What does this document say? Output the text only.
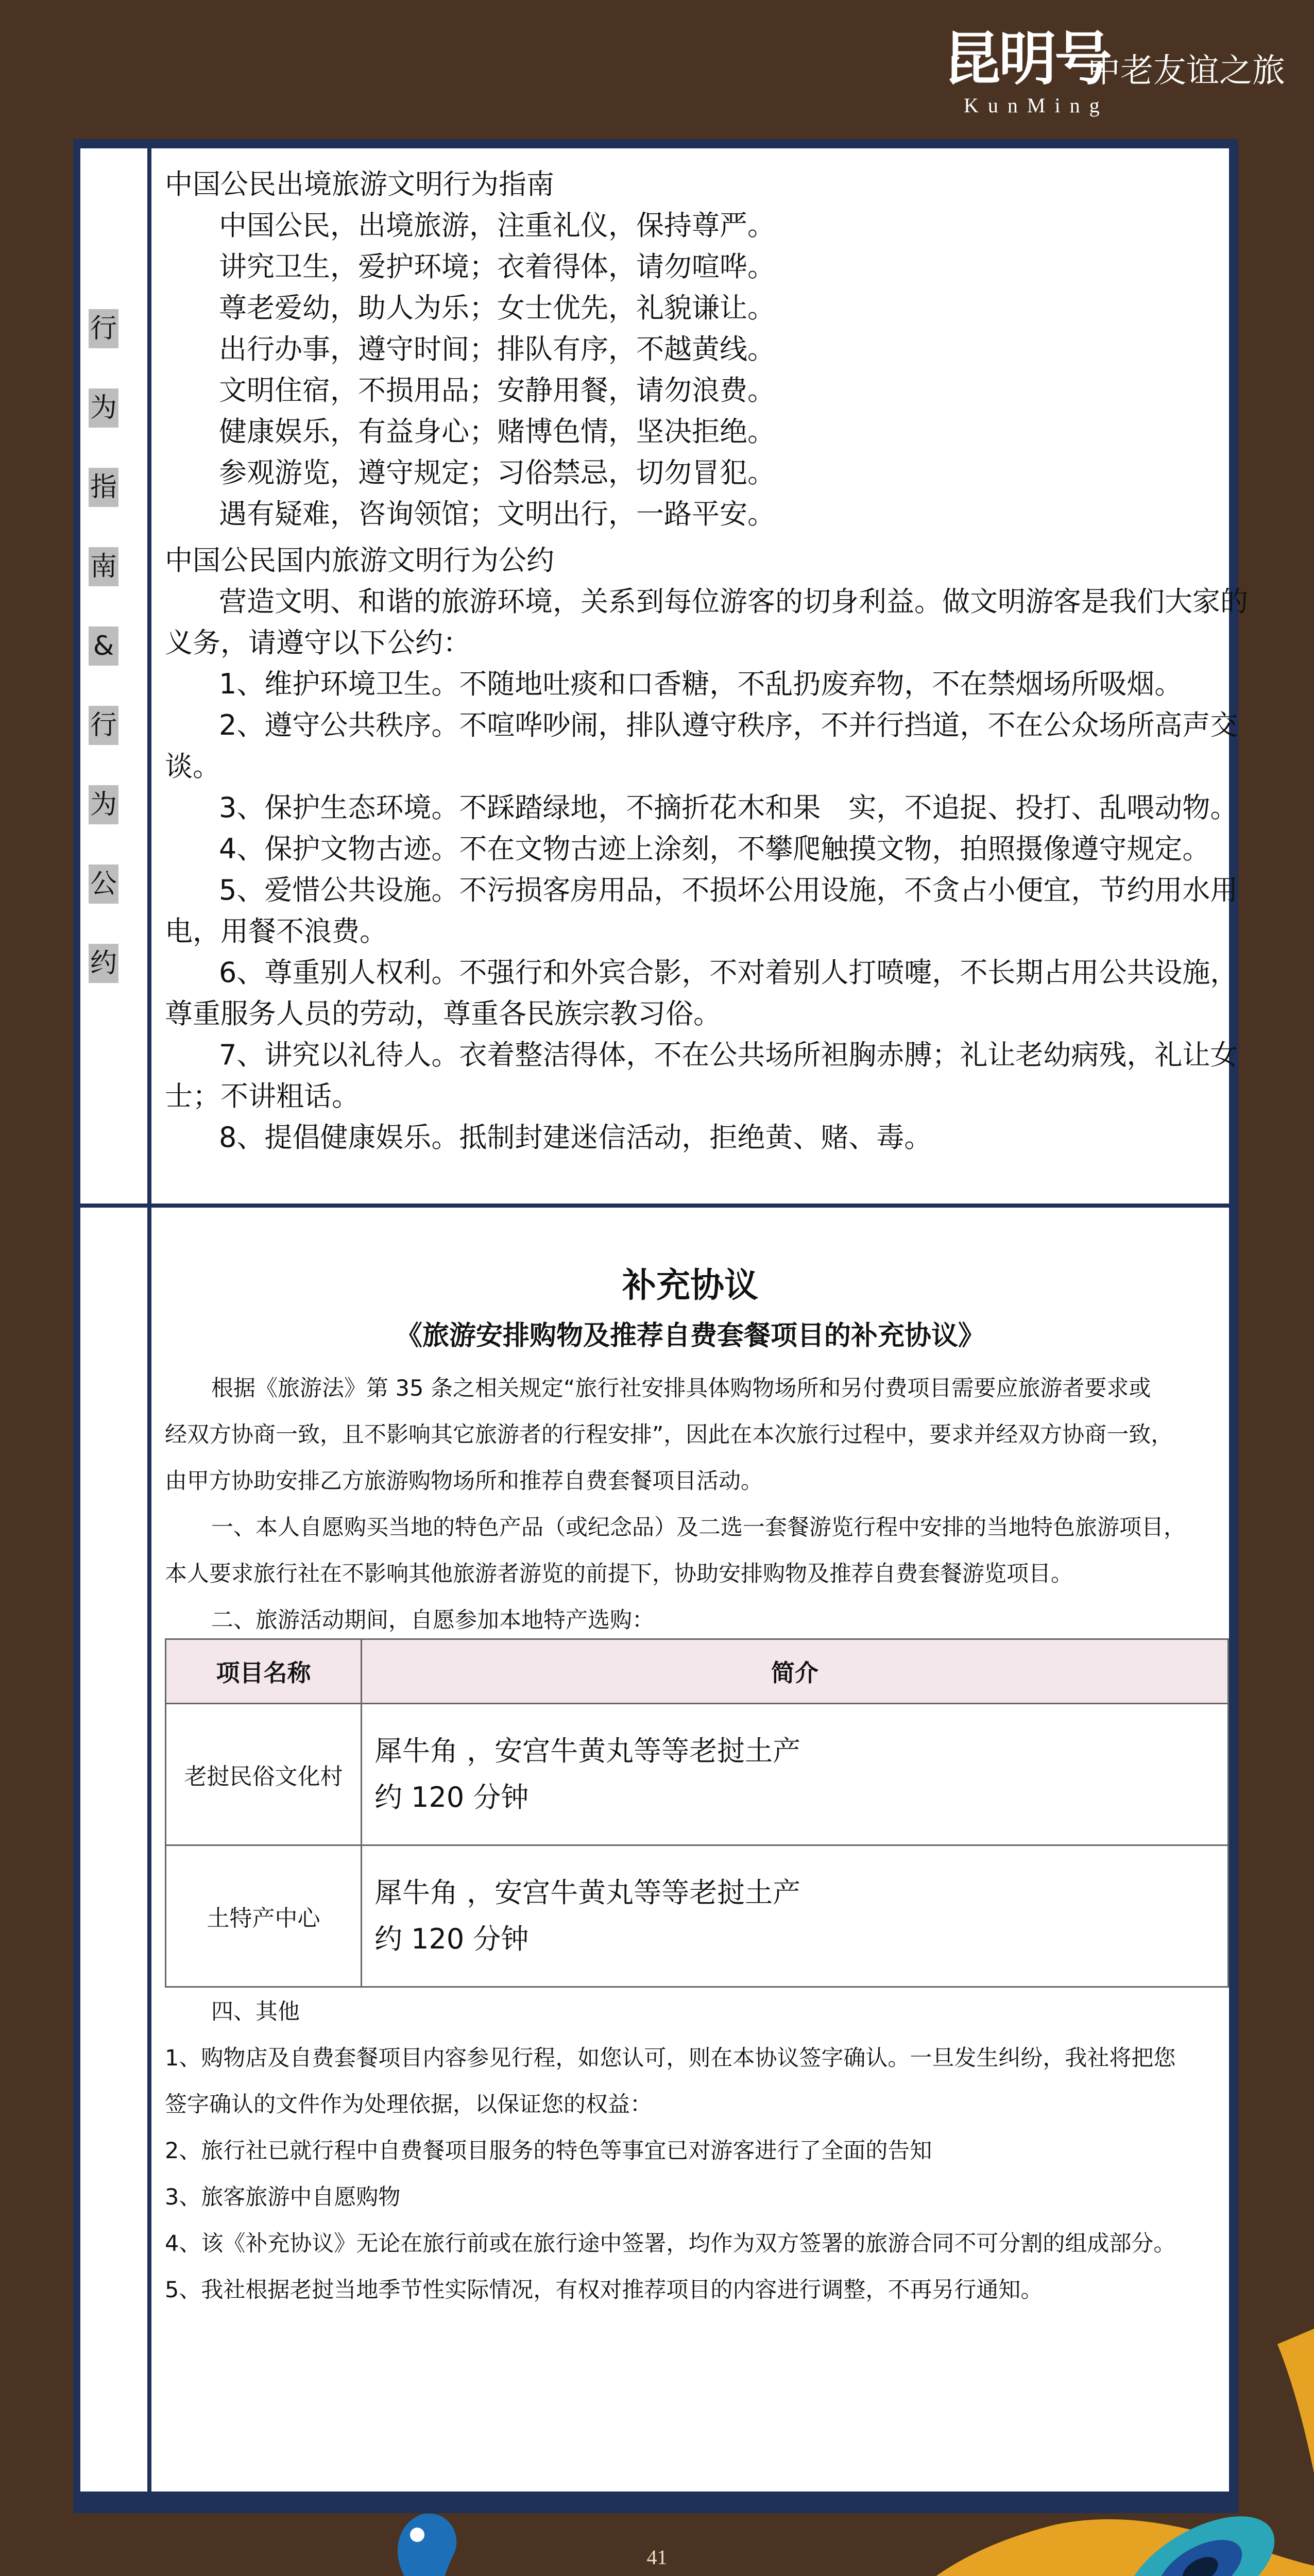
昆明号
中老友谊之旅
KunMing
行
为
指
南
&
行
为
公
约
中国公民出境旅游文明行为指南
中国公民，出境旅游，注重礼仪，保持尊严。
讲究卫生，爱护环境；衣着得体，请勿喧哗。
尊老爱幼，助人为乐；女士优先，礼貌谦让。
出行办事，遵守时间；排队有序，不越黄线。
文明住宿，不损用品；安静用餐，请勿浪费。
健康娱乐，有益身心；赌博色情，坚决拒绝。
参观游览，遵守规定；习俗禁忌，切勿冒犯。
遇有疑难，咨询领馆；文明出行，一路平安。
中国公民国内旅游文明行为公约
营造文明、和谐的旅游环境，关系到每位游客的切身利益。做文明游客是我们大家的
义务，请遵守以下公约：
1、维护环境卫生。不随地吐痰和口香糖，不乱扔废弃物，不在禁烟场所吸烟。
2、遵守公共秩序。不喧哗吵闹，排队遵守秩序，不并行挡道，不在公众场所高声交
谈。
3、保护生态环境。不踩踏绿地，不摘折花木和果　实，不追捉、投打、乱喂动物。
4、保护文物古迹。不在文物古迹上涂刻，不攀爬触摸文物，拍照摄像遵守规定。
5、爱惜公共设施。不污损客房用品，不损坏公用设施，不贪占小便宜，节约用水用
电，用餐不浪费。
6、尊重别人权利。不强行和外宾合影，不对着别人打喷嚏，不长期占用公共设施，
尊重服务人员的劳动，尊重各民族宗教习俗。
7、讲究以礼待人。衣着整洁得体，不在公共场所袒胸赤膊；礼让老幼病残，礼让女
士；不讲粗话。
8、提倡健康娱乐。抵制封建迷信活动，拒绝黄、赌、毒。
补充协议
《旅游安排购物及推荐自费套餐项目的补充协议》
根据《旅游法》第 35 条之相关规定“旅行社安排具体购物场所和另付费项目需要应旅游者要求或
经双方协商一致，且不影响其它旅游者的行程安排”，因此在本次旅行过程中，要求并经双方协商一致，
由甲方协助安排乙方旅游购物场所和推荐自费套餐项目活动。
一、本人自愿购买当地的特色产品（或纪念品）及二选一套餐游览行程中安排的当地特色旅游项目，
本人要求旅行社在不影响其他旅游者游览的前提下，协助安排购物及推荐自费套餐游览项目。
二、旅游活动期间，自愿参加本地特产选购：
项目名称	简介
老挝民俗文化村	犀牛角 ，安宫牛黄丸等等老挝土产
约 120 分钟

土特产中心	犀牛角 ，安宫牛黄丸等等老挝土产
约 120 分钟
四、其他
1、购物店及自费套餐项目内容参见行程，如您认可，则在本协议签字确认。一旦发生纠纷，我社将把您
签字确认的文件作为处理依据，以保证您的权益：
2、旅行社已就行程中自费餐项目服务的特色等事宜已对游客进行了全面的告知
3、旅客旅游中自愿购物
4、该《补充协议》无论在旅行前或在旅行途中签署，均作为双方签署的旅游合同不可分割的组成部分。
5、我社根据老挝当地季节性实际情况，有权对推荐项目的内容进行调整，不再另行通知。
41
